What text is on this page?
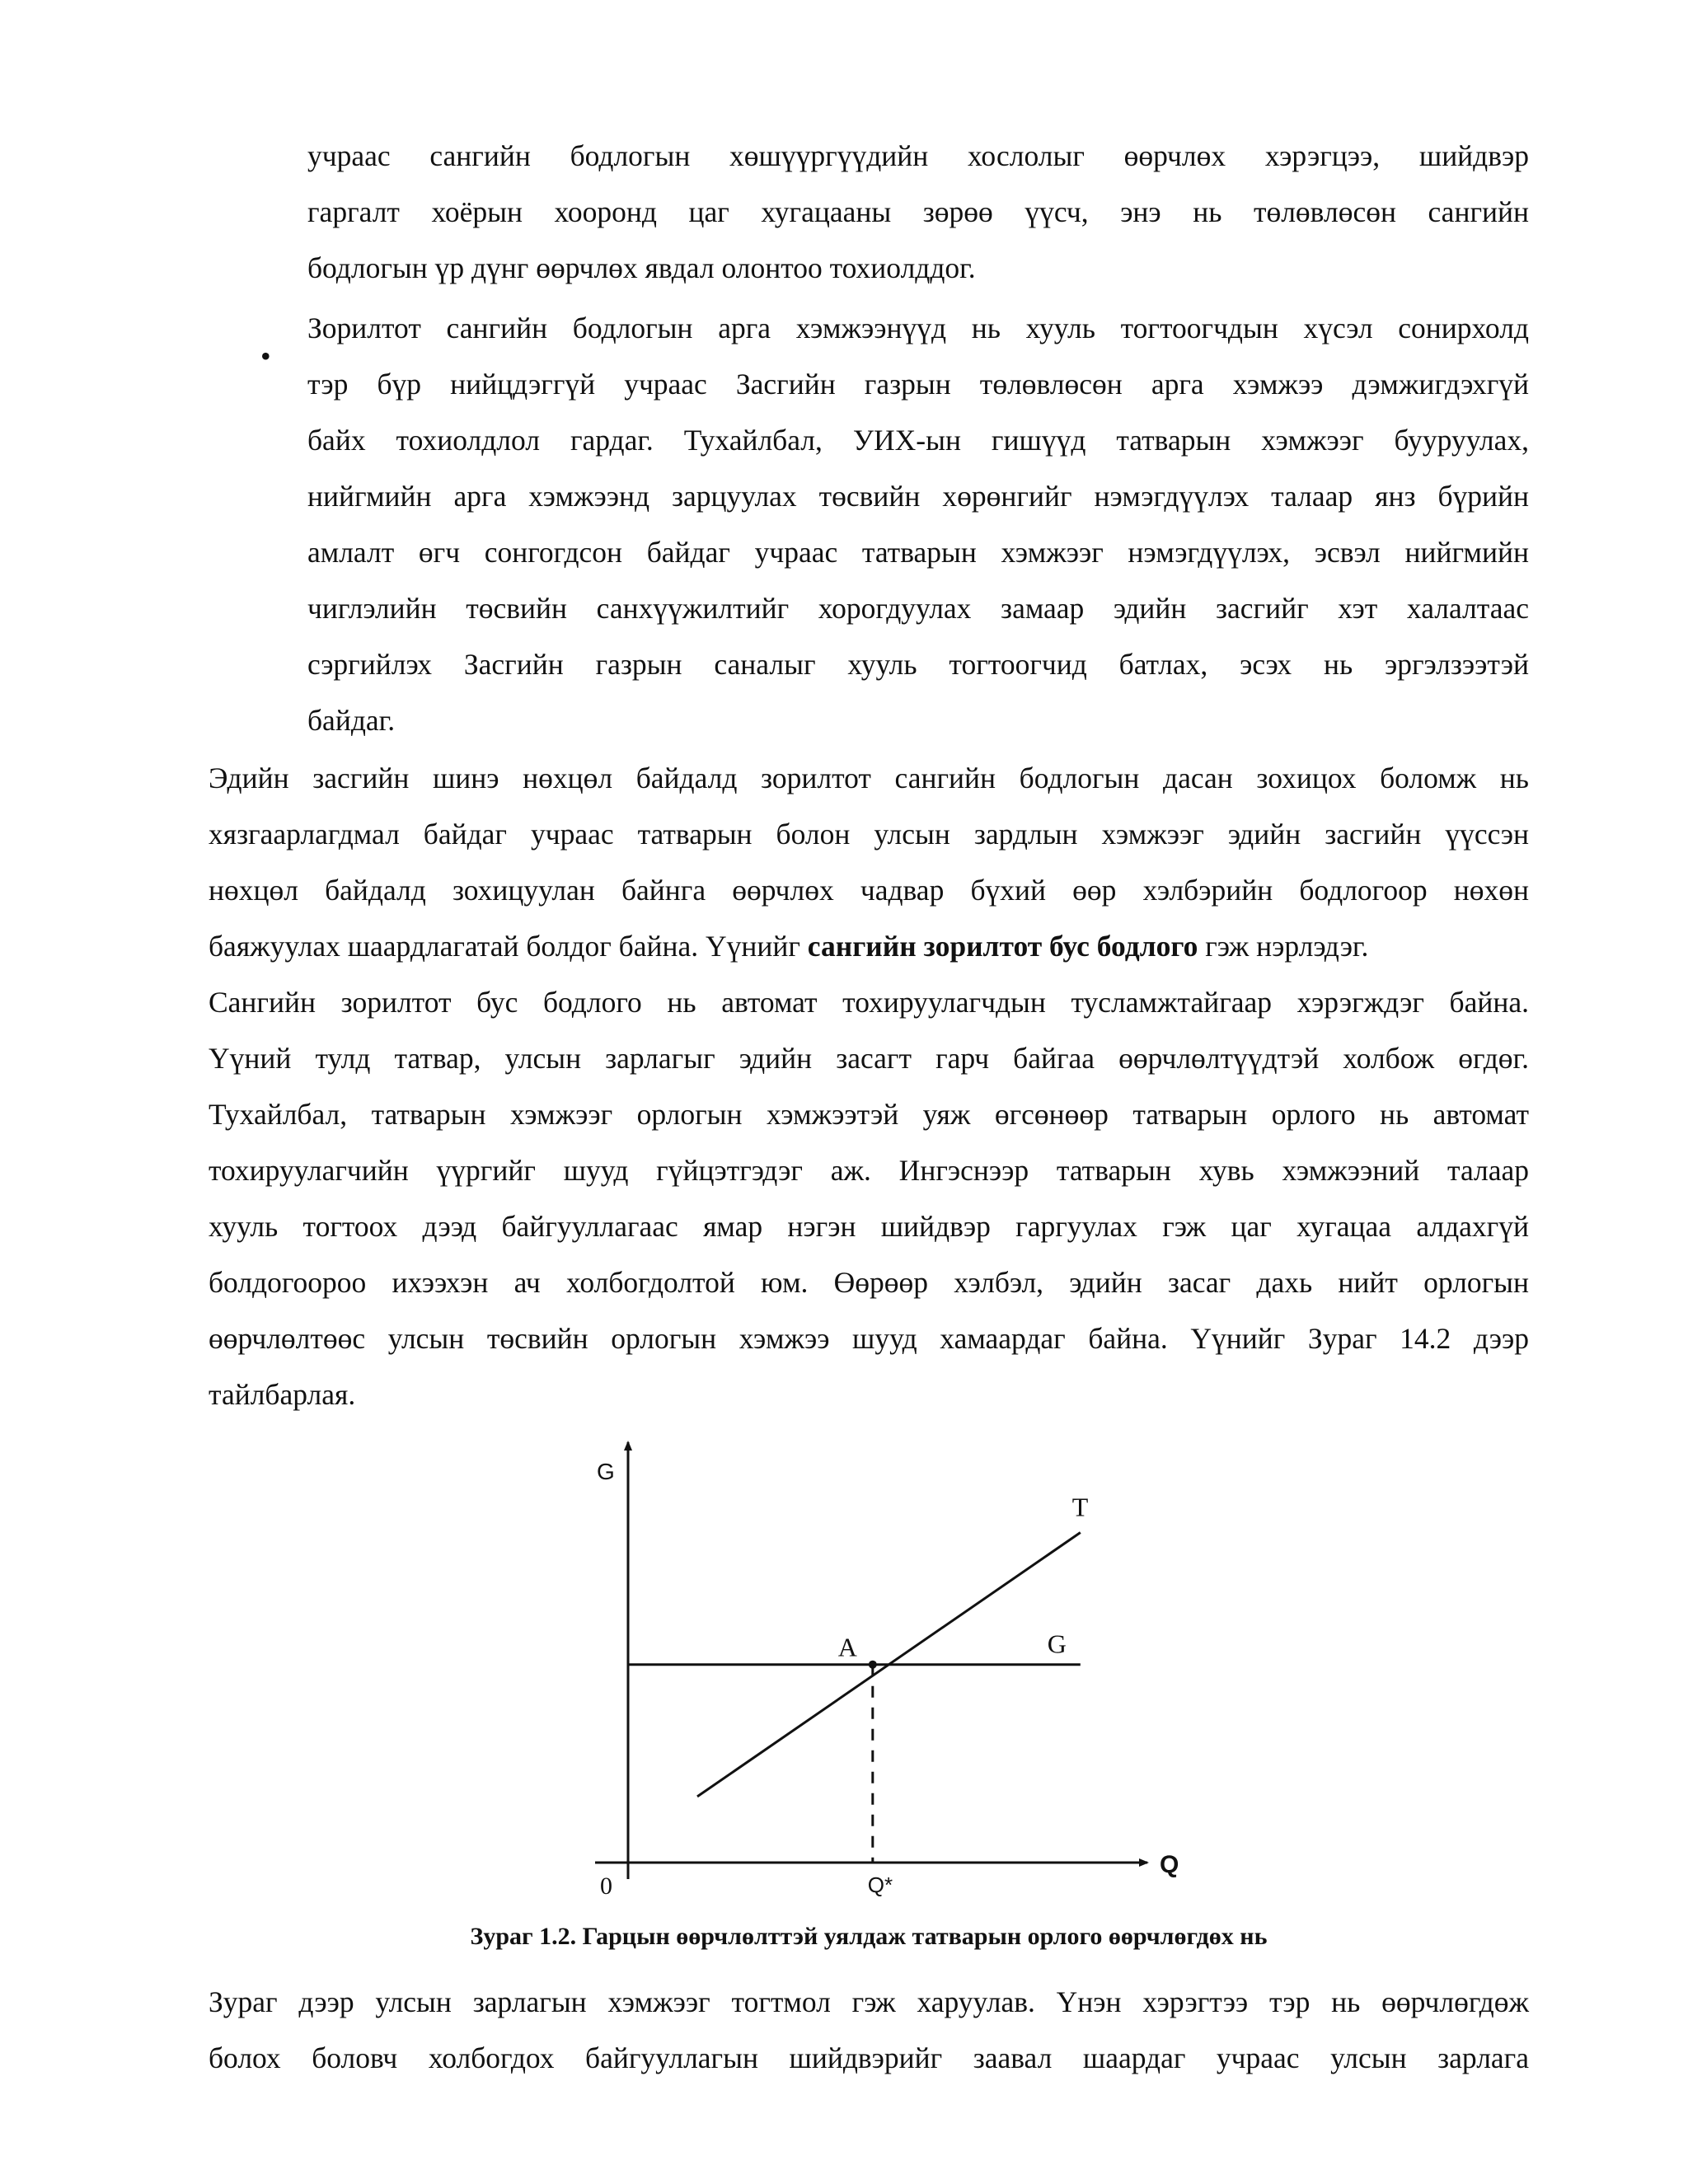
учраас сангийн бодлогын хөшүүргүүдийн хослолыг өөрчлөх хэрэгцээ, шийдвэр
гаргалт хоёрын хооронд цаг хугацааны зөрөө үүсч, энэ нь төлөвлөсөн сангийн
бодлогын үр дүнг өөрчлөх явдал олонтоо тохиолддог.
•
Зорилтот сангийн бодлогын арга хэмжээнүүд нь хууль тогтоогчдын хүсэл сонирхолд
тэр бүр нийцдэггүй учраас Засгийн газрын төлөвлөсөн арга хэмжээ дэмжигдэхгүй
байх тохиолдлол гардаг. Тухайлбал, УИХ-ын гишүүд татварын хэмжээг бууруулах,
нийгмийн арга хэмжээнд зарцуулах төсвийн хөрөнгийг нэмэгдүүлэх талаар янз бүрийн
амлалт өгч сонгогдсон байдаг учраас татварын хэмжээг нэмэгдүүлэх, эсвэл нийгмийн
чиглэлийн төсвийн санхүүжилтийг хорогдуулах замаар эдийн засгийг хэт халалтаас
сэргийлэх Засгийн газрын саналыг хууль тогтоогчид батлах, эсэх нь эргэлзээтэй
байдаг.
Эдийн засгийн шинэ нөхцөл байдалд зорилтот сангийн бодлогын дасан зохицох боломж нь
хязгаарлагдмал байдаг учраас татварын болон улсын зардлын хэмжээг эдийн засгийн үүссэн
нөхцөл байдалд зохицуулан байнга өөрчлөх чадвар бүхий өөр хэлбэрийн бодлогоор нөхөн
баяжуулах шаардлагатай болдог байна. Үүнийг сангийн зорилтот бус бодлого гэж нэрлэдэг.
Сангийн зорилтот бус бодлого нь автомат тохируулагчдын тусламжтайгаар хэрэгждэг байна.
Үүний тулд татвар, улсын зарлагыг эдийн засагт гарч байгаа өөрчлөлтүүдтэй холбож өгдөг.
Тухайлбал, татварын хэмжээг орлогын хэмжээтэй уяж өгсөнөөр татварын орлого нь автомат
тохируулагчийн үүргийг шууд гүйцэтгэдэг аж. Ингэснээр татварын хувь хэмжээний талаар
хууль тогтоох дээд байгууллагаас ямар нэгэн шийдвэр гаргуулах гэж цаг хугацаа алдахгүй
болдогоороо ихээхэн ач холбогдолтой юм. Өөрөөр хэлбэл, эдийн засаг дахь нийт орлогын
өөрчлөлтөөс улсын төсвийн орлогын хэмжээ шууд хамаардаг байна. Үүнийг Зураг 14.2 дээр
тайлбарлая.
G
Q
0	Q*
T
G
A
Зураг 1.2. Гарцын өөрчлөлттэй уялдаж татварын орлого өөрчлөгдөх нь
Зураг дээр улсын зарлагын хэмжээг тогтмол гэж харуулав. Үнэн хэрэгтээ тэр нь өөрчлөгдөж
болох боловч холбогдох байгууллагын шийдвэрийг заавал шаардаг учраас улсын зарлага
